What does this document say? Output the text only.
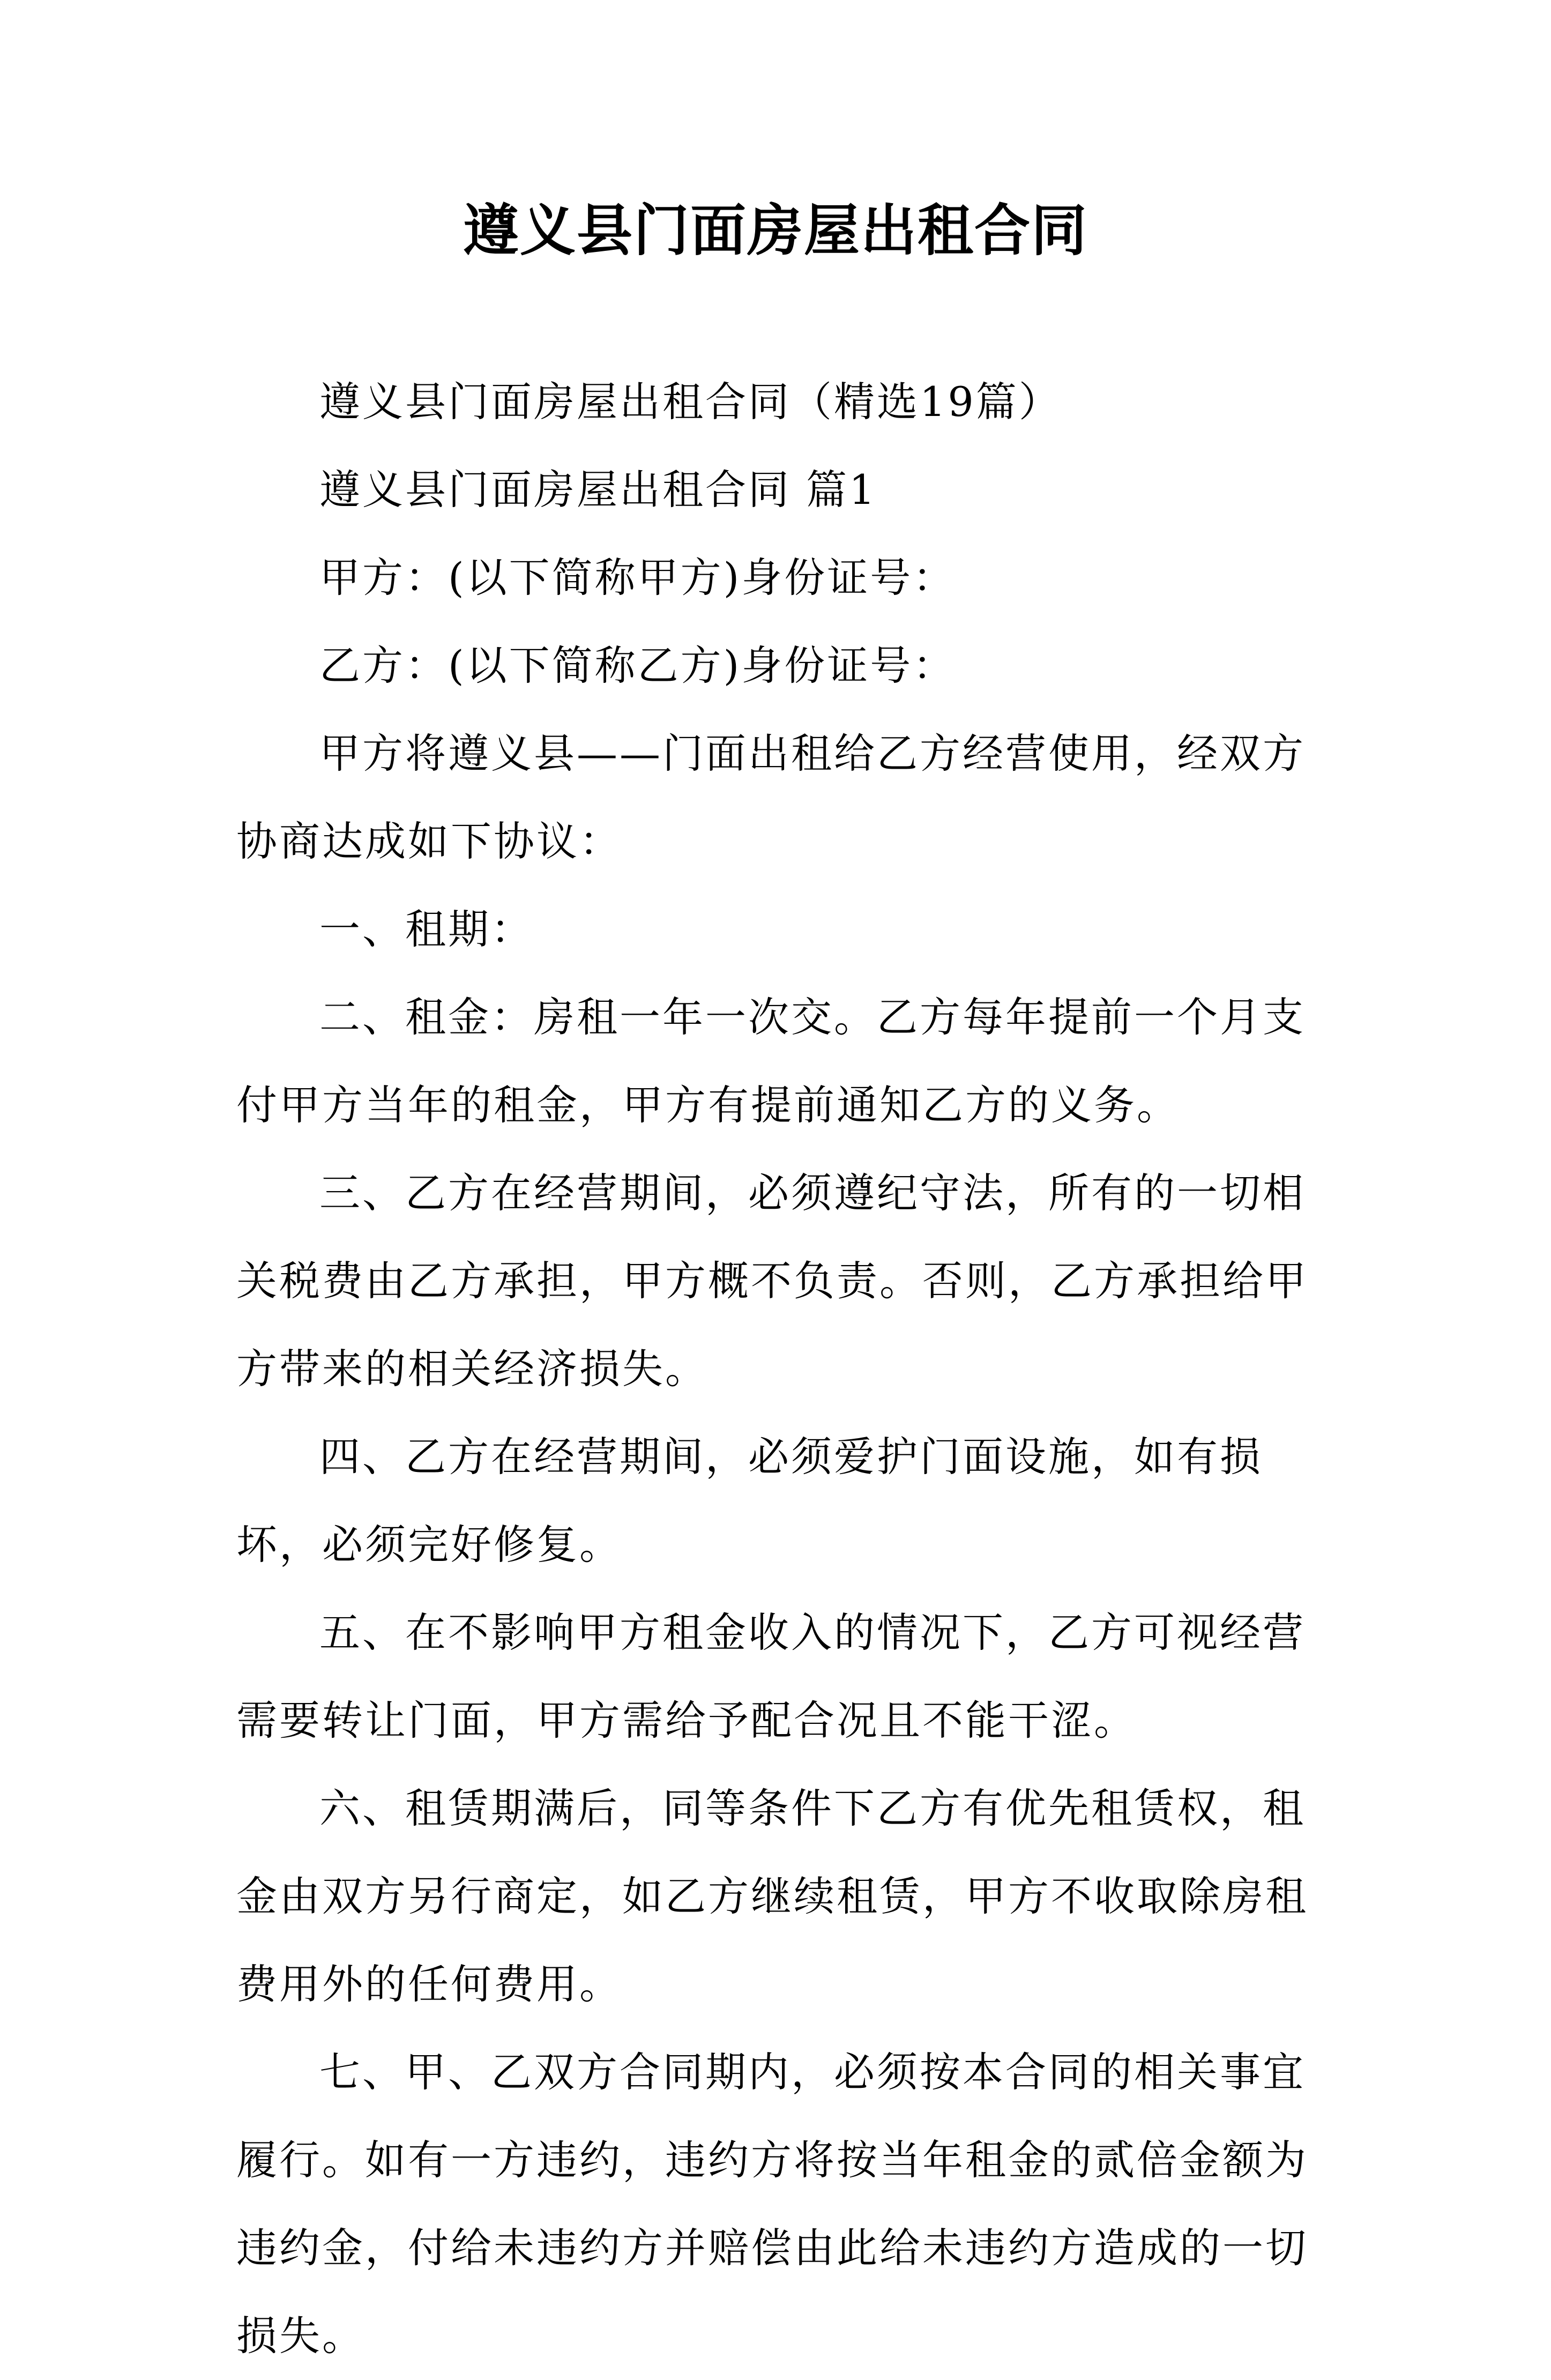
遵义县门面房屋出租合同

遵义县门面房屋出租合同（精选19篇）

遵义县门面房屋出租合同 篇1

甲方：(以下简称甲方)身份证号：

乙方：(以下简称乙方)身份证号：

甲方将遵义县——门面出租给乙方经营使用，经双方协商达成如下协议：

一、租期：

二、租金：房租一年一次交。乙方每年提前一个月支付甲方当年的租金，甲方有提前通知乙方的义务。

三、乙方在经营期间，必须遵纪守法，所有的一切相关税费由乙方承担，甲方概不负责。否则，乙方承担给甲方带来的相关经济损失。

四、乙方在经营期间，必须爱护门面设施，如有损坏，必须完好修复。

五、在不影响甲方租金收入的情况下，乙方可视经营需要转让门面，甲方需给予配合况且不能干涩。

六、租赁期满后，同等条件下乙方有优先租赁权，租金由双方另行商定，如乙方继续租赁，甲方不收取除房租费用外的任何费用。

七、甲、乙双方合同期内，必须按本合同的相关事宜履行。如有一方违约，违约方将按当年租金的贰倍金额为违约金，付给未违约方并赔偿由此给未违约方造成的一切损失。
